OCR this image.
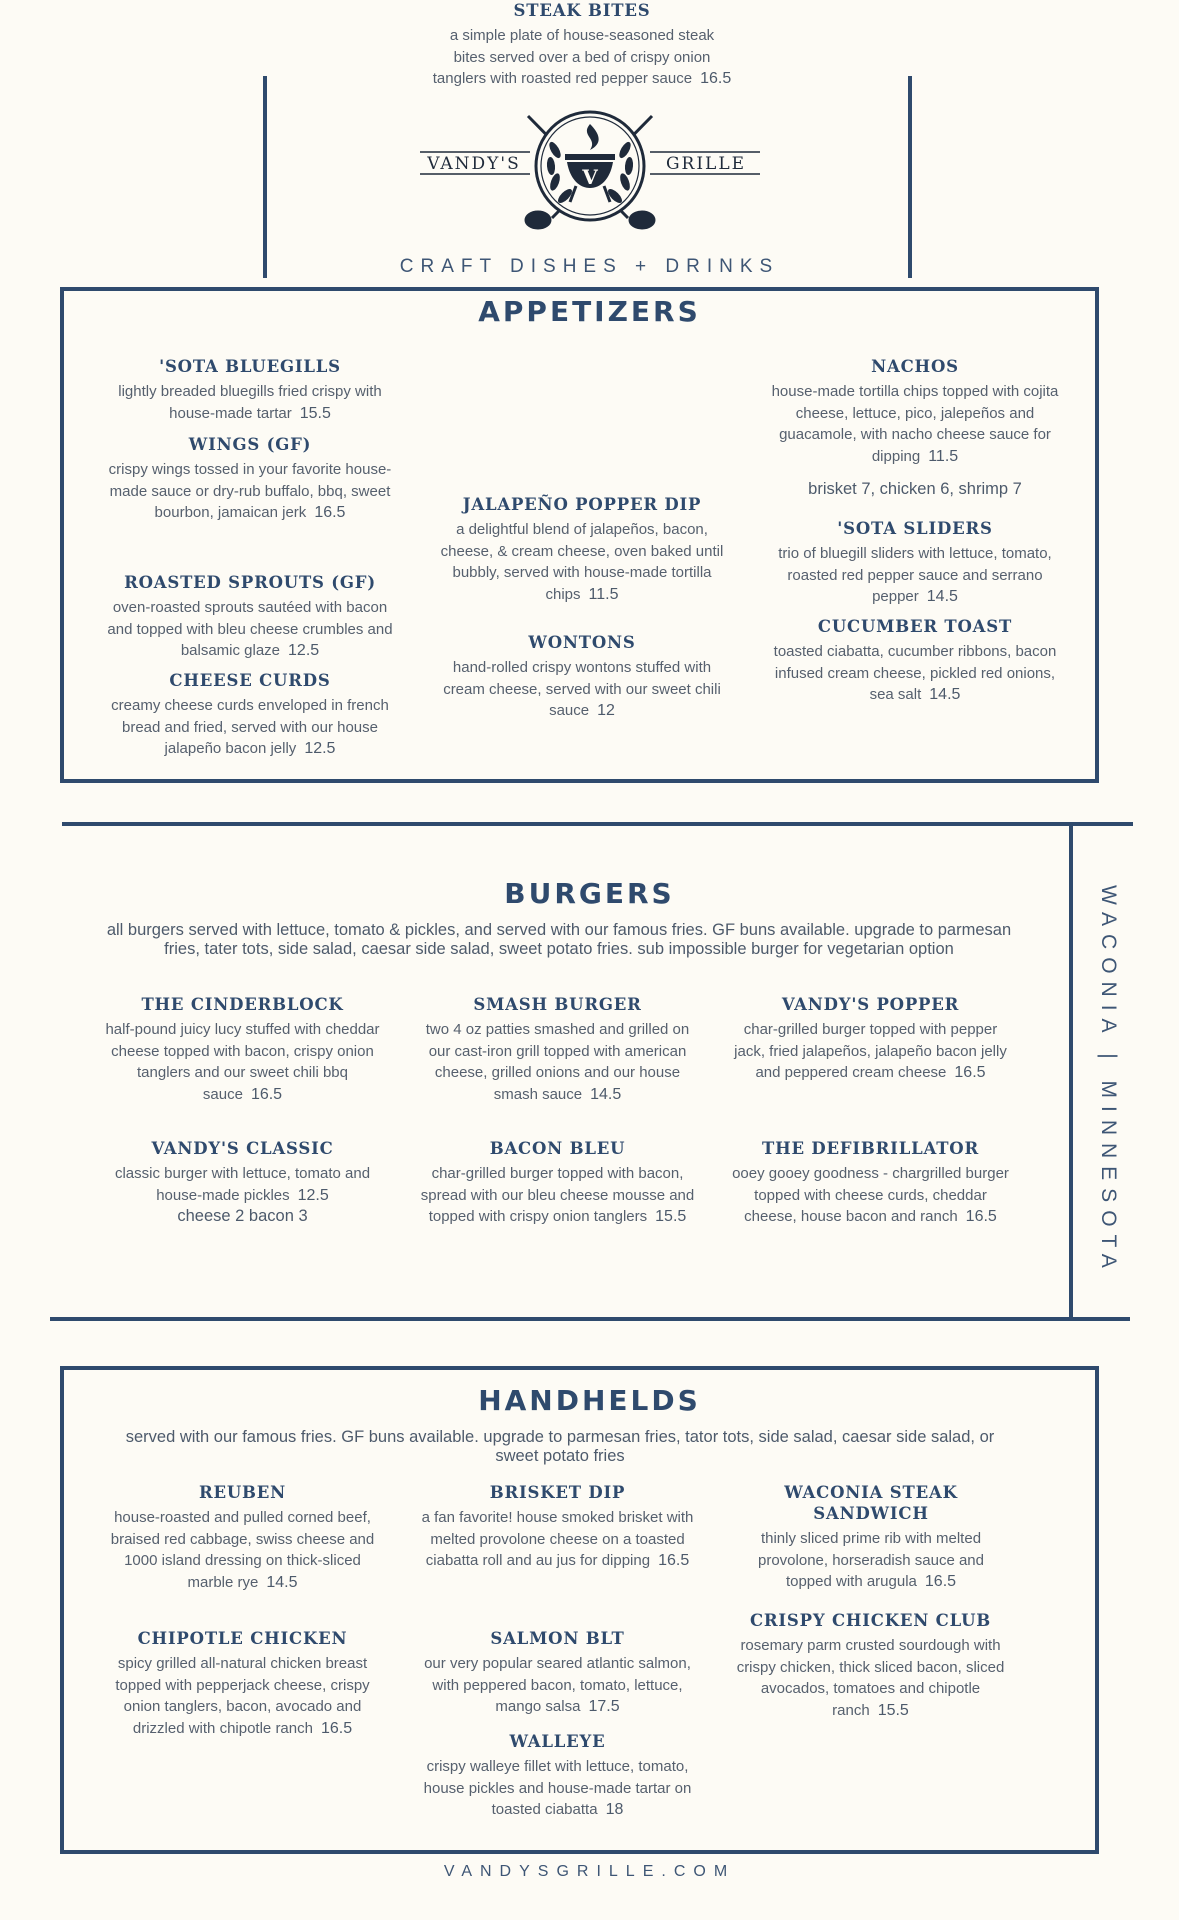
V
VANDY'S	GRILLE
CRAFT DISHES + DRINKS
APPETIZERS
'SOTA BLUEGILLS

lightly breaded bluegills fried crispy with house-made tartar 15.5

WINGS (GF)

crispy wings tossed in your favorite house-made sauce or dry-rub buffalo, bbq, sweet bourbon, jamaican jerk 16.5

ROASTED SPROUTS (GF)

oven-roasted sprouts sautéed with bacon and topped with bleu cheese crumbles and balsamic glaze 12.5

CHEESE CURDS

creamy cheese curds enveloped in french bread and fried, served with our house jalapeño bacon jelly 12.5

STEAK BITES

a simple plate of house-seasoned steak bites served over a bed of crispy onion tanglers with roasted red pepper sauce 16.5

JALAPEÑO POPPER DIP

a delightful blend of jalapeños, bacon, cheese, & cream cheese, oven baked until bubbly, served with house-made tortilla chips 11.5

WONTONS

hand-rolled crispy wontons stuffed with cream cheese, served with our sweet chili sauce 12

NACHOS

house-made tortilla chips topped with cojita cheese, lettuce, pico, jalepeños and guacamole, with nacho cheese sauce for dipping 11.5

brisket 7, chicken 6, shrimp 7
'SOTA SLIDERS

trio of bluegill sliders with lettuce, tomato, roasted red pepper sauce and serrano pepper 14.5

CUCUMBER TOAST

toasted ciabatta, cucumber ribbons, bacon infused cream cheese, pickled red onions, sea salt 14.5

WACONIA | MINNESOTA
BURGERS
all burgers served with lettuce, tomato & pickles, and served with our famous fries. GF buns available. upgrade to parmesan fries, tater tots, side salad, caesar side salad, sweet potato fries. sub impossible burger for vegetarian option
THE CINDERBLOCK

half-pound juicy lucy stuffed with cheddar cheese topped with bacon, crispy onion tanglers and our sweet chili bbq sauce 16.5

SMASH BURGER

two 4 oz patties smashed and grilled on our cast-iron grill topped with american cheese, grilled onions and our house smash sauce 14.5

VANDY'S POPPER

char-grilled burger topped with pepper jack, fried jalapeños, jalapeño bacon jelly and peppered cream cheese 16.5

VANDY'S CLASSIC

classic burger with lettuce, tomato and house-made pickles 12.5

cheese 2 bacon 3
BACON BLEU

char-grilled burger topped with bacon, spread with our bleu cheese mousse and topped with crispy onion tanglers 15.5

THE DEFIBRILLATOR

ooey gooey goodness - chargrilled burger topped with cheese curds, cheddar cheese, house bacon and ranch 16.5

HANDHELDS
served with our famous fries. GF buns available. upgrade to parmesan fries, tator tots, side salad, caesar side salad, or sweet potato fries
REUBEN

house-roasted and pulled corned beef, braised red cabbage, swiss cheese and 1000 island dressing on thick-sliced marble rye 14.5

CHIPOTLE CHICKEN

spicy grilled all-natural chicken breast topped with pepperjack cheese, crispy onion tanglers, bacon, avocado and drizzled with chipotle ranch 16.5

BRISKET DIP

a fan favorite! house smoked brisket with melted provolone cheese on a toasted ciabatta roll and au jus for dipping 16.5

SALMON BLT

our very popular seared atlantic salmon, with peppered bacon, tomato, lettuce, mango salsa 17.5

WALLEYE

crispy walleye fillet with lettuce, tomato, house pickles and house-made tartar on toasted ciabatta 18

WACONIA STEAK SANDWICH

thinly sliced prime rib with melted provolone, horseradish sauce and topped with arugula 16.5

CRISPY CHICKEN CLUB

rosemary parm crusted sourdough with crispy chicken, thick sliced bacon, sliced avocados, tomatoes and chipotle ranch 15.5

VANDYSGRILLE.COM
